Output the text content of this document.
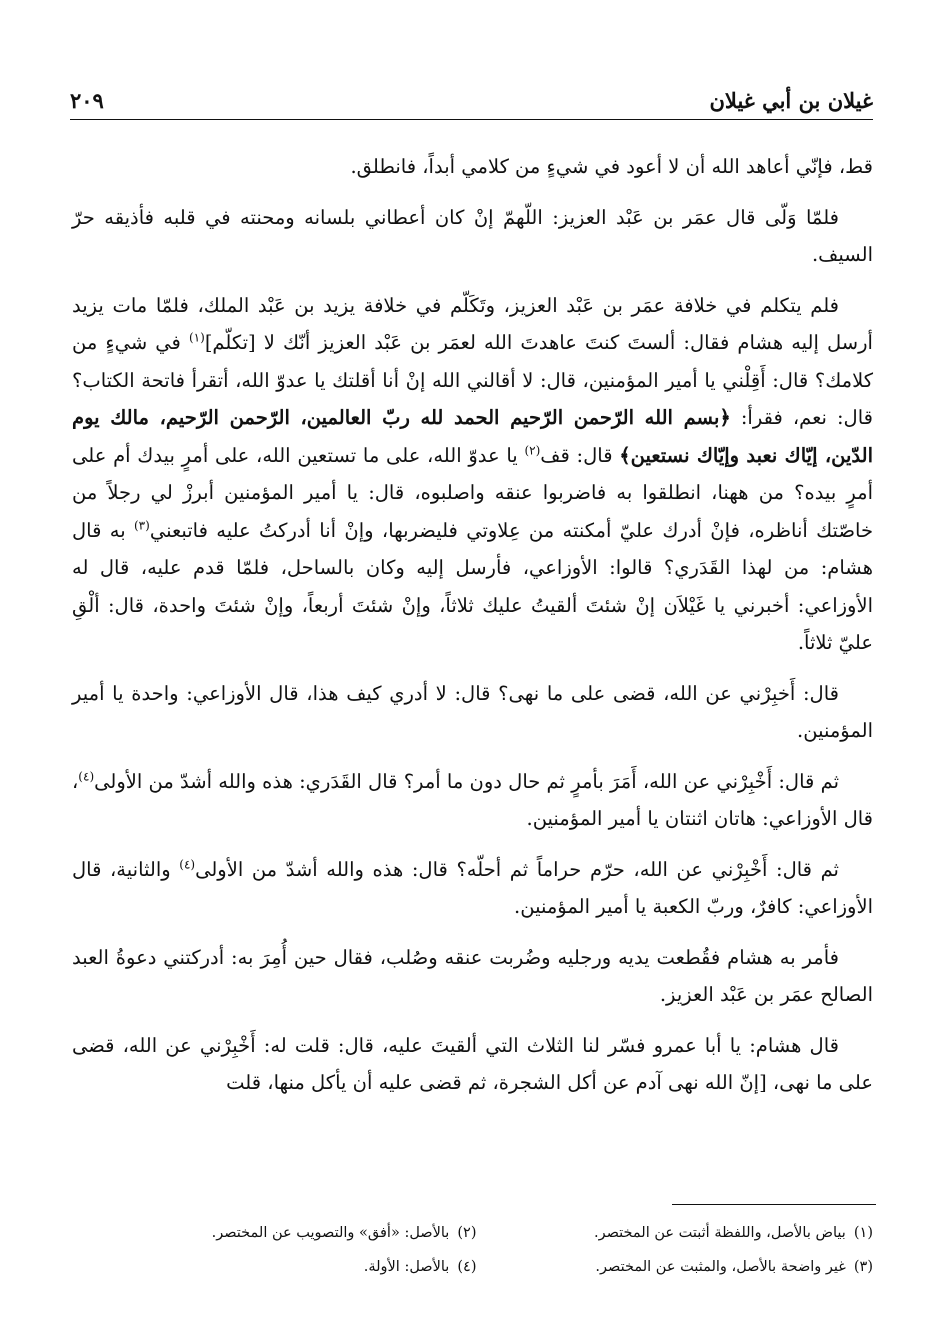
غيلان بن أبي غيلان
٢٠٩

قط، فإنّي أعاهد الله أن لا أعود في شيءٍ من كلامي أبداً، فانطلق.

فلمّا وَلّى قال عمَر بن عَبْد العزيز: اللّهمّ إنْ كان أعطاني بلسانه ومحنته في قلبه فأذيقه حرّ السيف.

فلم يتكلم في خلافة عمَر بن عَبْد العزيز، وتَكَلّم في خلافة يزيد بن عَبْد الملك، فلمّا مات يزيد أرسل إليه هشام فقال: ألستَ كنتَ عاهدتَ الله لعمَر بن عَبْد العزيز أنّك لا [تكلّم]$^{(١)}$ في شيءٍ من كلامك؟ قال: أَقِلْني يا أمير المؤمنين، قال: لا أقالني الله إنْ أنا أقلتك يا عدوّ الله، أتقرأ فاتحة الكتاب؟ قال: نعم، فقرأ: ﴿بسم الله الرّحمن الرّحيم الحمد لله ربّ العالمين، الرّحمن الرّحيم، مالك يوم الدّين، إيّاك نعبد وإيّاك نستعين﴾ قال: قف$^{(٢)}$ يا عدوّ الله، على ما تستعين الله، على أمرٍ بيدك أم على أمرٍ بيده؟ من ههنا، انطلقوا به فاضربوا عنقه واصلبوه، قال: يا أمير المؤمنين أبرزْ لي رجلاً من خاصّتك أناظره، فإنْ أدرك عليّ أمكنته من عِلاوتي فليضربها، وإنْ أنا أدركتُ عليه فاتبعني$^{(٣)}$ به قال هشام: من لهذا القَدَري؟ قالوا: الأوزاعي، فأرسل إليه وكان بالساحل، فلمّا قدم عليه، قال له الأوزاعي: أخبرني يا غَيْلاَن إنْ شئتَ ألقيتُ عليك ثلاثاً، وإنْ شئتَ أربعاً، وإنْ شئتَ واحدة، قال: ألْقِ عليّ ثلاثاً.

قال: أَخبِرْني عن الله، قضى على ما نهى؟ قال: لا أدري كيف هذا، قال الأوزاعي: واحدة يا أمير المؤمنين.

ثم قال: أَخْبِرْني عن الله، أَمَرَ بأمرٍ ثم حال دون ما أمر؟ قال القَدَري: هذه والله أشدّ من الأولى$^{(٤)}$، قال الأوزاعي: هاتان اثنتان يا أمير المؤمنين.

ثم قال: أَخْبِرْني عن الله، حرّم حراماً ثم أحلّه؟ قال: هذه والله أشدّ من الأولى$^{(٤)}$ والثانية، قال الأوزاعي: كافرٌ، وربّ الكعبة يا أمير المؤمنين.

فأمر به هشام فقُطعت يديه ورجليه وضُربت عنقه وصُلب، فقال حين أُمِرَ به: أدركتني دعوةُ العبد الصالح عمَر بن عَبْد العزيز.

قال هشام: يا أبا عمرو فسّر لنا الثلاث التي ألقيتَ عليه، قال: قلت له: أَخْبِرْني عن الله، قضى على ما نهى، [إنّ الله نهى آدم عن أكل الشجرة، ثم قضى عليه أن يأكل منها، قلت

(١)بياض بالأصل، واللفظة أثبتت عن المختصر.
(٢)بالأصل: «أفق» والتصويب عن المختصر.
(٣)غير واضحة بالأصل، والمثبت عن المختصر.
(٤)بالأصل: الأولة.
